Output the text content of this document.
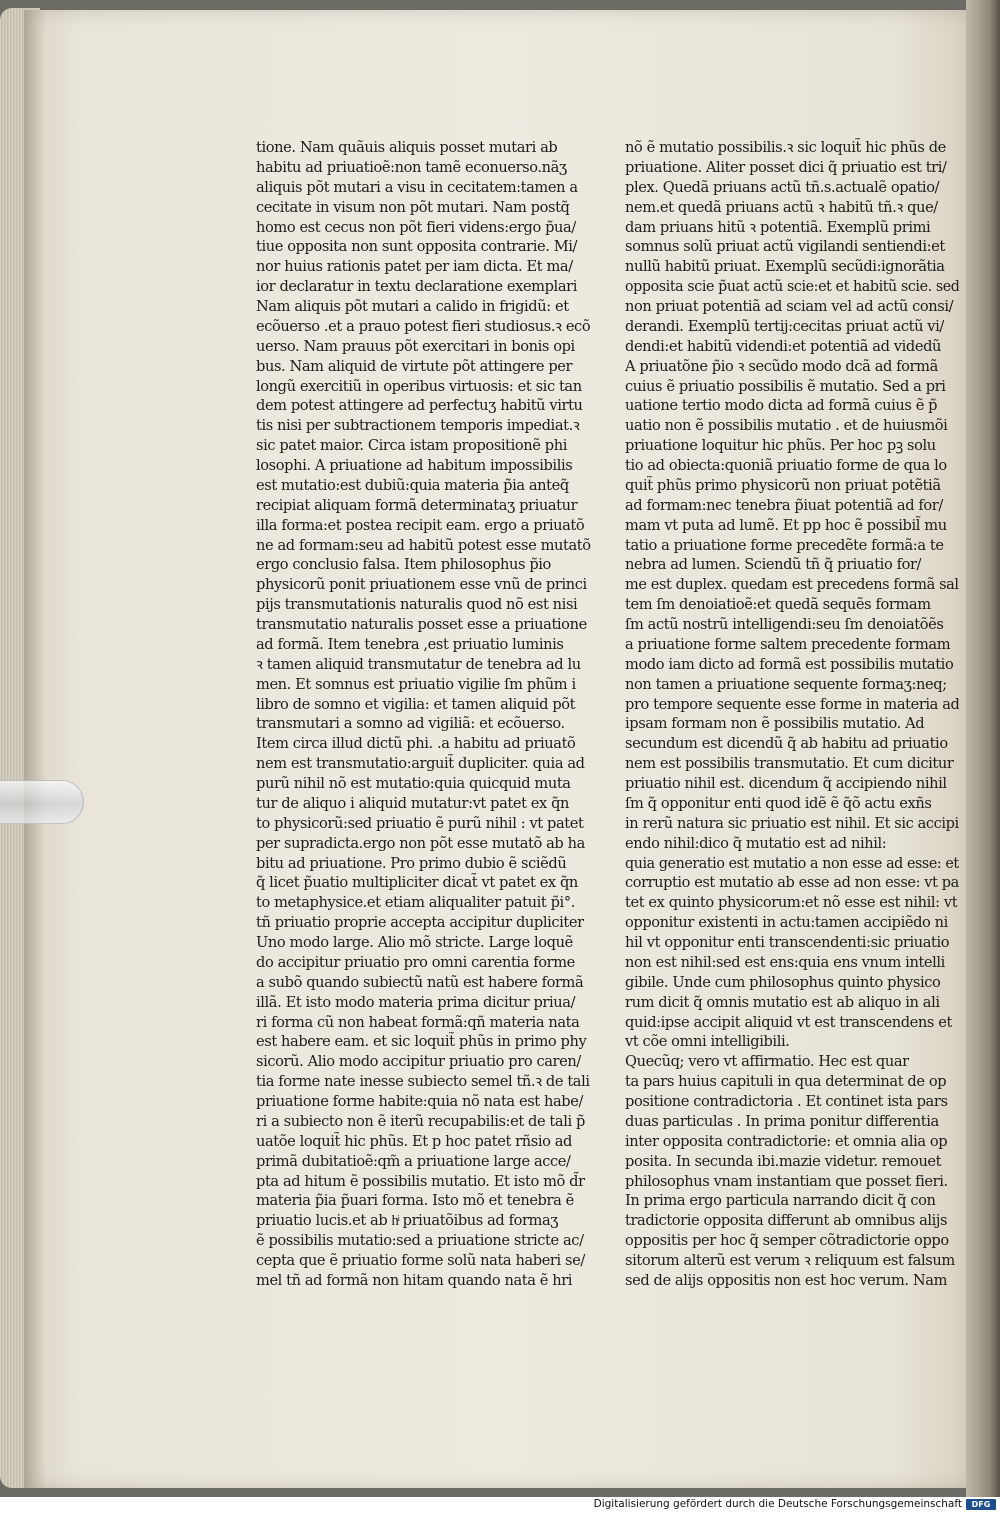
tione. Nam quãuis aliquis posset mutari ab
habitu ad priuatioẽ:non tamẽ econuerso.nãʒ
aliquis põt mutari a visu in cecitatem:tamen a
cecitate in visum non põt mutari. Nam postq̃
homo est cecus non põt fieri videns:ergo p̃ua/
tiue opposita non sunt opposita contrarie. Mi/
nor huius rationis patet per iam dicta. Et ma/
ior declaratur in textu declaratione exemplari
Nam aliquis põt mutari a calido in frigidũ: et
ecõuerso .et a prauo potest fieri studiosus.ꝛ ecõ
uerso. Nam prauus põt exercitari in bonis opi
bus. Nam aliquid de virtute põt attingere per
longũ exercitiũ in operibus virtuosis: et sic tan
dem potest attingere ad perfectuʒ habitũ virtu
tis nisi per subtractionem temporis impediat.ꝛ
sic patet maior. Circa istam propositionẽ phi
losophi. A priuatione ad habitum impossibilis
est mutatio:est dubiũ:quia materia p̃ia anteq̃
recipiat aliquam formã determinataʒ priuatur
illa forma:et postea recipit eam. ergo a priuatõ
ne ad formam:seu ad habitũ potest esse mutatõ
ergo conclusio falsa. Item philosophus p̃io
physicorũ ponit priuationem esse vnũ de princi
pijs transmutationis naturalis quod nõ est nisi
transmutatio naturalis posset esse a priuatione
ad formã. Item tenebra ,est priuatio luminis
ꝛ tamen aliquid transmutatur de tenebra ad lu
men. Et somnus est priuatio vigilie ſm phũm i
libro de somno et vigilia: et tamen aliquid põt
transmutari a somno ad vigiliã: et ecõuerso.
Item circa illud dictũ phi. .a habitu ad priuatõ
nem est transmutatio:arguit̃ dupliciter. quia ad
purũ nihil nõ est mutatio:quia quicquid muta
tur de aliquo i aliquid mutatur:vt patet ex q̃n
to physicorũ:sed priuatio ẽ purũ nihil : vt patet
per supradicta.ergo non põt esse mutatõ ab ha
bitu ad priuatione. Pro primo dubio ẽ sciẽdũ
q̃ licet p̃uatio multipliciter dicat̃ vt patet ex q̃n
to metaphysice.et etiam aliqualiter patuit p̃i°.
tñ priuatio proprie accepta accipitur dupliciter
Uno modo large. Alio mõ stricte. Large loquẽ
do accipitur priuatio pro omni carentia forme
a subõ quando subiectũ natũ est habere formã
illã. Et isto modo materia prima dicitur priua/
ri forma cũ non habeat formã:qñ materia nata
est habere eam. et sic loquit̃ phũs in primo phy
sicorũ. Alio modo accipitur priuatio pro caren/
tia forme nate inesse subiecto semel tñ.ꝛ de tali
priuatione forme habite:quia nõ nata est habe/
ri a subiecto non ẽ iterũ recupabilis:et de tali p̃
uatõe loquit̃ hic phũs. Et p hoc patet rñsio ad
primã dubitatioẽ:qm̃ a priuatione large acce/
pta ad hitum ẽ possibilis mutatio. Et isto mõ d̃r
materia p̃ia p̃uari forma. Isto mõ et tenebra ẽ
priuatio lucis.et ab hͥ priuatõibus ad formaʒ
ẽ possibilis mutatio:sed a priuatione stricte ac/
cepta que ẽ priuatio forme solũ nata haberi se/
mel tñ ad formã non hitam quando nata ẽ hri
nõ ẽ mutatio possibilis.ꝛ sic loquit̃ hic phũs de
priuatione. Aliter posset dici q̃ priuatio est tri/
plex. Quedã priuans actũ tñ.s.actualẽ opatio/
nem.et quedã priuans actũ ꝛ habitũ tñ.ꝛ que/
dam priuans hitũ ꝛ potentiã. Exemplũ primi
somnus solũ priuat actũ vigilandi sentiendi:et
nullũ habitũ priuat. Exemplũ secũdi:ignorãtia
opposita scie p̃uat actũ scie:et et habitũ scie. sed
non priuat potentiã ad sciam vel ad actũ consi/
derandi. Exemplũ tertij:cecitas priuat actũ vi/
dendi:et habitũ videndi:et potentiã ad videdũ
A priuatõne p̃io ꝛ secũdo modo dcã ad formã
cuius ẽ priuatio possibilis ẽ mutatio. Sed a pri
uatione tertio modo dicta ad formã cuius ẽ p̃
uatio non ẽ possibilis mutatio . et de huiusmõi
priuatione loquitur hic phũs. Per hoc pꝫ solu
tio ad obiecta:quoniã priuatio forme de qua lo
quit̃ phũs primo physicorũ non priuat potẽtiã
ad formam:nec tenebra p̃iuat potentiã ad for/
mam vt puta ad lumẽ. Et pp hoc ẽ possibil̃ mu
tatio a priuatione forme precedẽte formã:a te
nebra ad lumen. Sciendũ tñ q̃ priuatio for/
me est duplex. quedam est precedens formã sal
tem ſm denoiatioẽ:et quedã sequẽs formam
ſm actũ nostrũ intelligendi:seu ſm denoiatõẽs
a priuatione forme saltem precedente formam
modo iam dicto ad formã est possibilis mutatio
non tamen a priuatione sequente formaʒ:neq;
pro tempore sequente esse forme in materia ad
ipsam formam non ẽ possibilis mutatio. Ad
secundum est dicendũ q̃ ab habitu ad priuatio
nem est possibilis transmutatio. Et cum dicitur
priuatio nihil est. dicendum q̃ accipiendo nihil
ſm q̃ opponitur enti quod idẽ ẽ q̃õ actu exñs
in rerũ natura sic priuatio est nihil. Et sic accipi
endo nihil:dico q̃ mutatio est ad nihil:
quia generatio est mutatio a non esse ad esse: et
corruptio est mutatio ab esse ad non esse: vt pa
tet ex quinto physicorum:et nõ esse est nihil: vt
opponitur existenti in actu:tamen accipiẽdo ni
hil vt opponitur enti transcendenti:sic priuatio
non est nihil:sed est ens:quia ens vnum intelli
gibile. Unde cum philosophus quinto physico
rum dicit q̃ omnis mutatio est ab aliquo in ali
quid:ipse accipit aliquid vt est transcendens et
vt cõe omni intelligibili.
Quecũq; vero vt affirmatio. Hec est quar
ta pars huius capituli in qua determinat de op
positione contradictoria . Et continet ista pars
duas particulas . In prima ponitur differentia
inter opposita contradictorie: et omnia alia op
posita. In secunda ibi.mazie videtur. remouet
philosophus vnam instantiam que posset fieri.
In prima ergo particula narrando dicit q̃ con
tradictorie opposita differunt ab omnibus alijs
oppositis per hoc q̃ semper cõtradictorie oppo
sitorum alterũ est verum ꝛ reliquum est falsum
sed de alijs oppositis non est hoc verum. Nam
Digitalisierung gefördert durch die Deutsche Forschungsgemeinschaft	DFG
